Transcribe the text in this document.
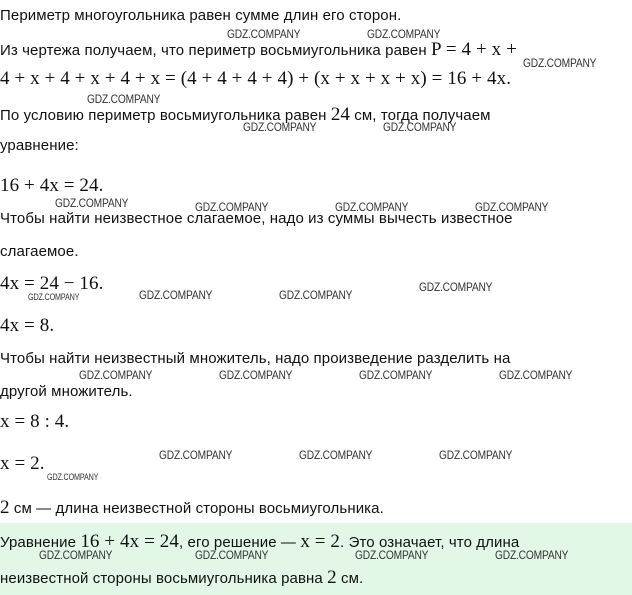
Периметр многоугольника равен сумме длин его сторон.
Из чертежа получаем, что периметр восьмиугольника равен P = 4 + x +
4 + x + 4 + x + 4 + x = (4 + 4 + 4 + 4) + (x + x + x + x) = 16 + 4x.
По условию периметр восьмиугольника равен 24 см, тогда получаем
уравнение:
16 + 4x = 24.
Чтобы найти неизвестное слагаемое, надо из суммы вычесть известное
слагаемое.
4x = 24 − 16.
4x = 8.
Чтобы найти неизвестный множитель, надо произведение разделить на
другой множитель.
x = 8 : 4.
x = 2.
2 см — длина неизвестной стороны восьмиугольника.
Уравнение 16 + 4x = 24, его решение — x = 2. Это означает, что длина
неизвестной стороны восьмиугольника равна 2 см.
GDZ.COMPANY	GDZ.COMPANY
GDZ.COMPANY
GDZ.COMPANY
GDZ.COMPANY	GDZ.COMPANY
GDZ.COMPANY	GDZ.COMPANY	GDZ.COMPANY	GDZ.COMPANY
GDZ.COMPANY	GDZ.COMPANY	GDZ.COMPANY
GDZ.COMPANY
GDZ.COMPANY	GDZ.COMPANY	GDZ.COMPANY	GDZ.COMPANY
GDZ.COMPANY	GDZ.COMPANY	GDZ.COMPANY
GDZ.COMPANY
GDZ.COMPANY	GDZ.COMPANY	GDZ.COMPANY	GDZ.COMPANY
